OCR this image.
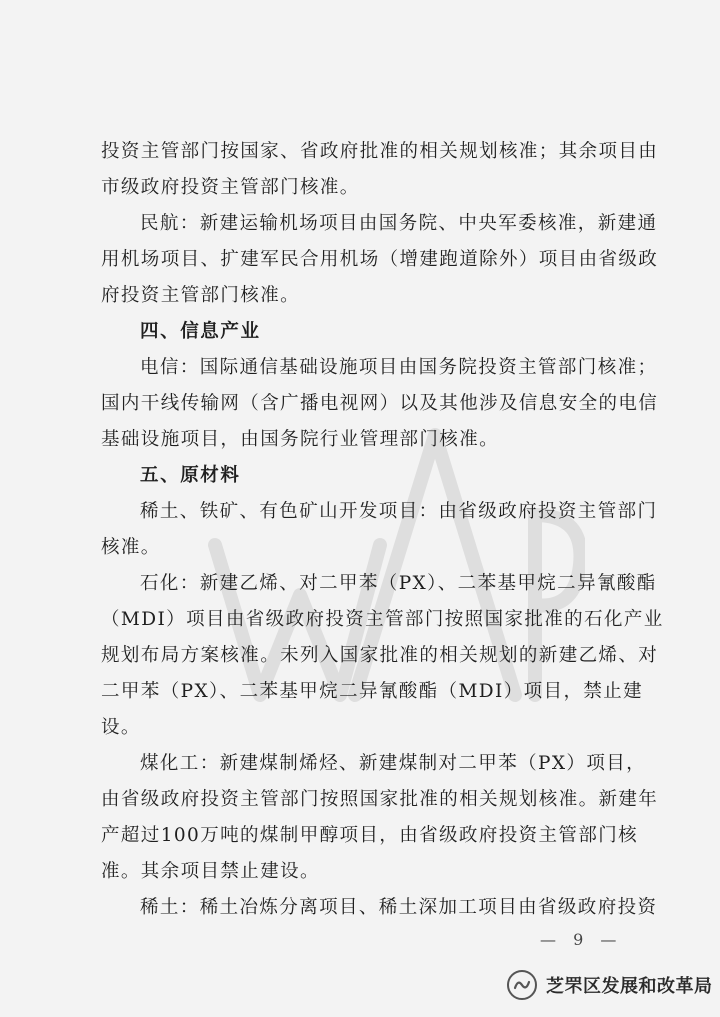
投资主管部门按国家、省政府批准的相关规划核准；其余项目由
市级政府投资主管部门核准。
民航：新建运输机场项目由国务院、中央军委核准，新建通
用机场项目、扩建军民合用机场（增建跑道除外）项目由省级政
府投资主管部门核准。
四、信息产业
电信：国际通信基础设施项目由国务院投资主管部门核准；
国内干线传输网（含广播电视网）以及其他涉及信息安全的电信
基础设施项目，由国务院行业管理部门核准。
五、原材料
稀土、铁矿、有色矿山开发项目：由省级政府投资主管部门
核准。
石化：新建乙烯、对二甲苯（PX）、二苯基甲烷二异氰酸酯
（MDI）项目由省级政府投资主管部门按照国家批准的石化产业
规划布局方案核准。未列入国家批准的相关规划的新建乙烯、对
二甲苯（PX）、二苯基甲烷二异氰酸酯（MDI）项目，禁止建
设。
煤化工：新建煤制烯烃、新建煤制对二甲苯（PX）项目，
由省级政府投资主管部门按照国家批准的相关规划核准。新建年
产超过100万吨的煤制甲醇项目，由省级政府投资主管部门核
准。其余项目禁止建设。
稀土：稀土冶炼分离项目、稀土深加工项目由省级政府投资
— 9 —
芝罘区发展和改革局
